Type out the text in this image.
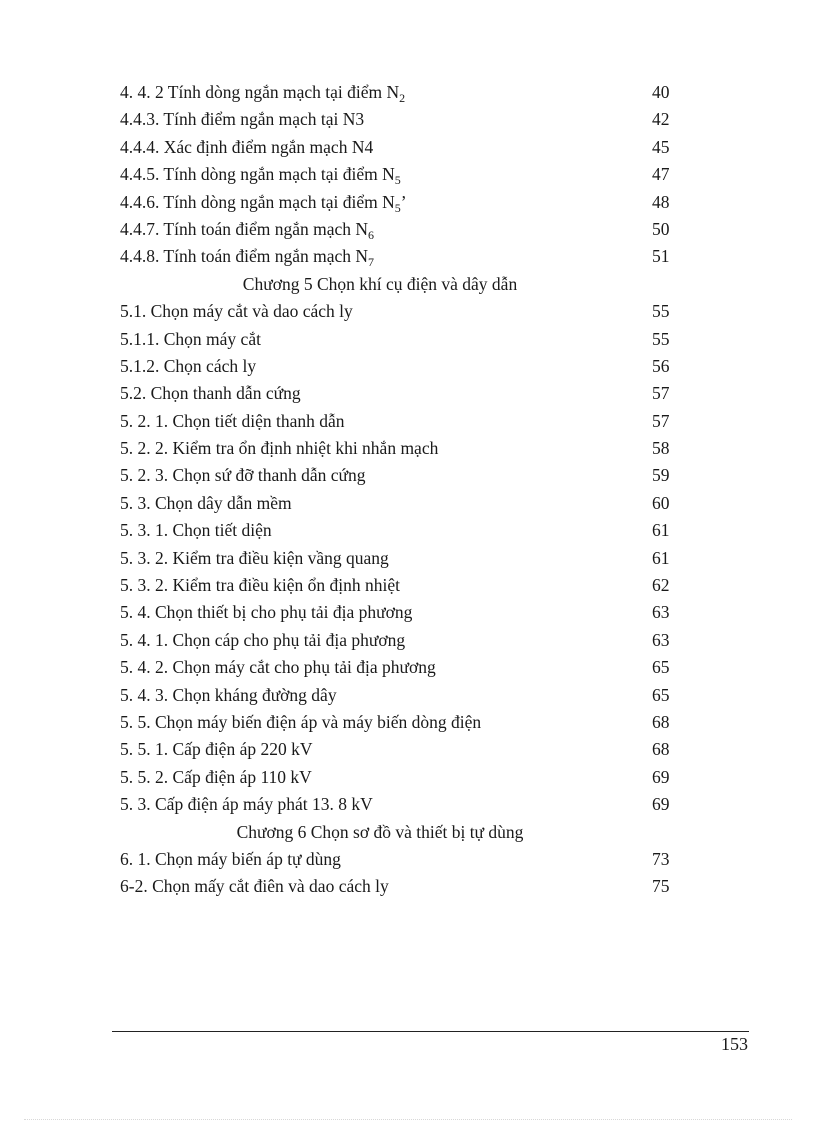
4. 4. 2 Tính dòng ngắn mạch tại điểm $N_2$	40
4.4.3. Tính điểm ngắn mạch tại N3	42
4.4.4. Xác định điểm ngắn mạch N4	45
4.4.5. Tính dòng ngắn mạch tại điểm $N_5$	47
4.4.6. Tính dòng ngắn mạch tại điểm $N_5$’	48
4.4.7. Tính toán điểm ngắn mạch $N_6$	50
4.4.8. Tính toán điểm ngắn mạch $N_7$	51
Chương 5 Chọn khí cụ điện và dây dẫn
5.1. Chọn máy cắt và dao cách ly	55
5.1.1. Chọn máy cắt	55
5.1.2. Chọn cách ly	56
5.2. Chọn thanh dẫn cứng	57
5. 2. 1. Chọn tiết diện thanh dẫn	57
5. 2. 2. Kiểm tra ổn định nhiệt khi nhắn mạch	58
5. 2. 3. Chọn sứ đỡ thanh dẫn cứng	59
5. 3. Chọn dây dẫn mềm	60
5. 3. 1. Chọn tiết diện	61
5. 3. 2. Kiểm tra điều kiện vầng quang	61
5. 3. 2. Kiểm tra điều kiện ổn định nhiệt	62
5. 4. Chọn thiết bị cho phụ tải địa phương	63
5. 4. 1. Chọn cáp cho phụ tải địa phương	63
5. 4. 2. Chọn máy cắt cho phụ tải địa phương	65
5. 4. 3. Chọn kháng đường dây	65
5. 5. Chọn máy biến điện áp và máy biến dòng điện	68
5. 5. 1. Cấp điện áp 220 kV	68
5. 5. 2. Cấp điện áp 110 kV	69
5. 3. Cấp điện áp máy phát 13. 8 kV	69
Chương 6 Chọn sơ đồ và thiết bị tự dùng
6. 1. Chọn máy biến áp tự dùng	73
6-2. Chọn mấy cắt điên và dao cách ly	75
153
